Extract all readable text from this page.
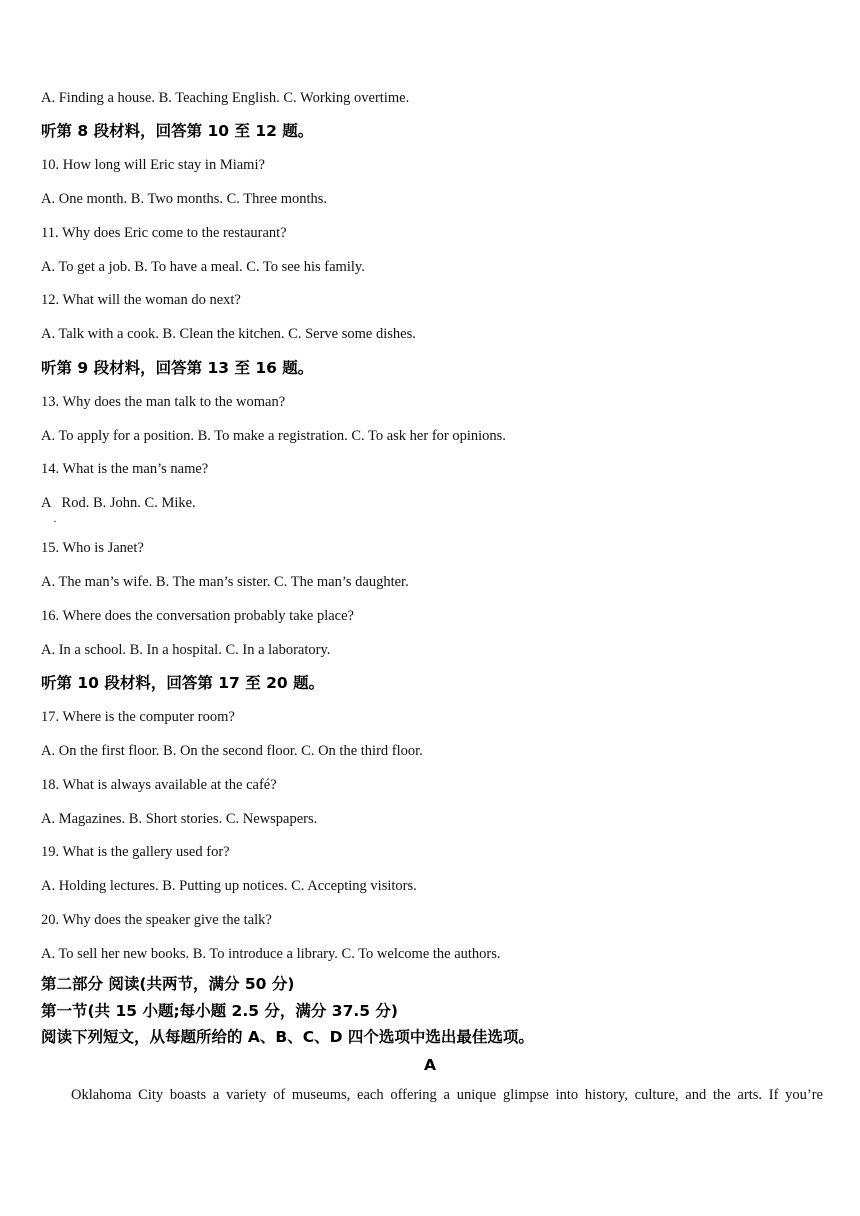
A. Finding a house. B. Teaching English. C. Working overtime.
听第 8 段材料，回答第 10 至 12 题。
10. How long will Eric stay in Miami?
A. One month. B. Two months. C. Three months.
11. Why does Eric come to the restaurant?
A. To get a job. B. To have a meal. C. To see his family.
12. What will the woman do next?
A. Talk with a cook. B. Clean the kitchen. C. Serve some dishes.
听第 9 段材料，回答第 13 至 16 题。
13. Why does the man talk to the woman?
A. To apply for a position. B. To make a registration. C. To ask her for opinions.
14. What is the man’s name?
A   Rod. B. John. C. Mike.
·
15. Who is Janet?
A. The man’s wife. B. The man’s sister. C. The man’s daughter.
16. Where does the conversation probably take place?
A. In a school. B. In a hospital. C. In a laboratory.
听第 10 段材料，回答第 17 至 20 题。
17. Where is the computer room?
A. On the first floor. B. On the second floor. C. On the third floor.
18. What is always available at the café?
A. Magazines. B. Short stories. C. Newspapers.
19. What is the gallery used for?
A. Holding lectures. B. Putting up notices. C. Accepting visitors.
20. Why does the speaker give the talk?
A. To sell her new books. B. To introduce a library. C. To welcome the authors.
第二部分 阅读(共两节，满分 50 分)
第一节(共 15 小题;每小题 2.5 分，满分 37.5 分)
阅读下列短文，从每题所给的 A、B、C、D 四个选项中选出最佳选项。
A
Oklahoma City boasts a variety of museums, each offering a unique glimpse into history, culture, and the arts. If you’re
